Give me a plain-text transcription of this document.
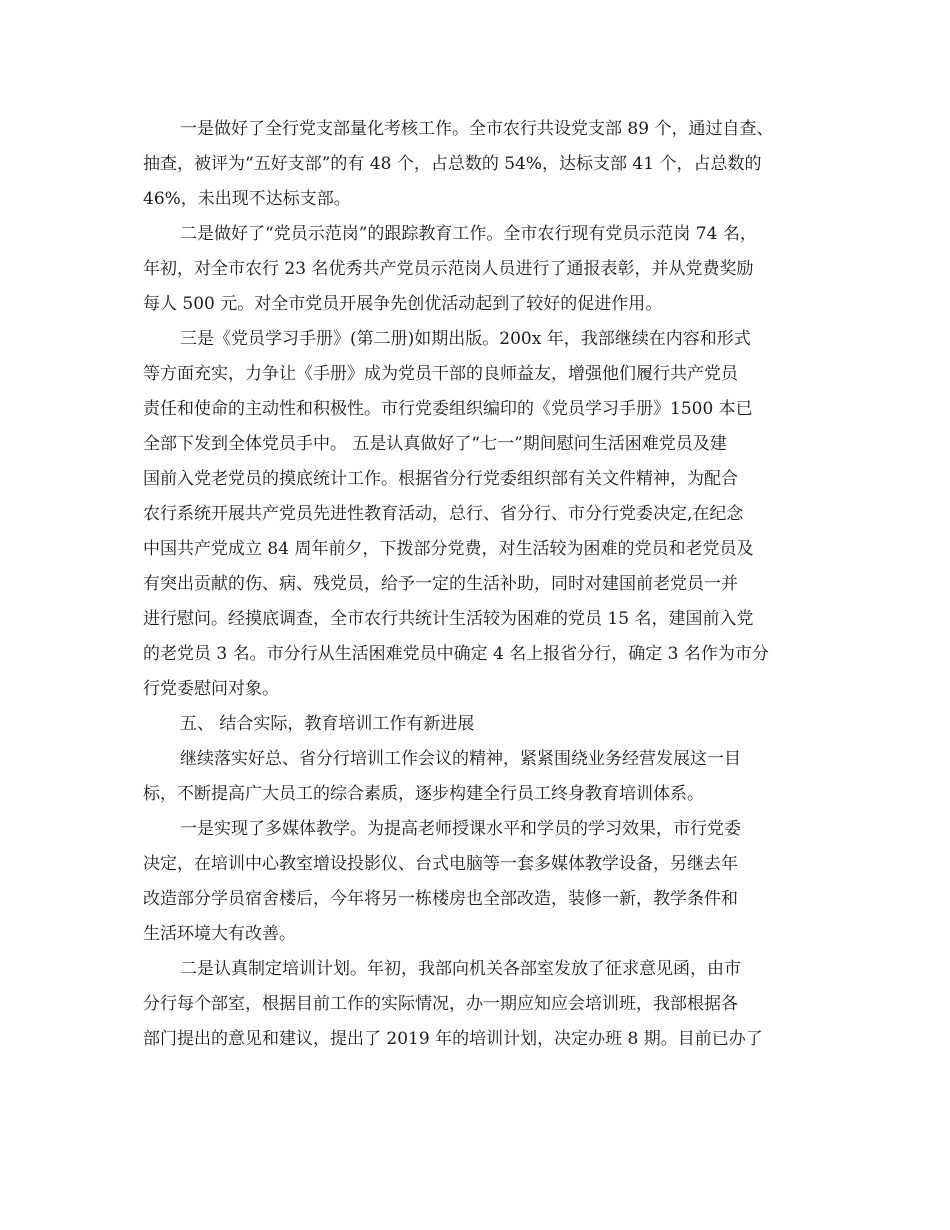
一是做好了全行党支部量化考核工作。全市农行共设党支部 89 个，通过自查、
抽查，被评为“五好支部”的有 48 个，占总数的 54%，达标支部 41 个，占总数的
46%，未出现不达标支部。
二是做好了“党员示范岗”的跟踪教育工作。全市农行现有党员示范岗 74 名，
年初，对全市农行 23 名优秀共产党员示范岗人员进行了通报表彰，并从党费奖励
每人 500 元。对全市党员开展争先创优活动起到了较好的促进作用。
三是《党员学习手册》(第二册)如期出版。200x 年，我部继续在内容和形式
等方面充实，力争让《手册》成为党员干部的良师益友，增强他们履行共产党员
责任和使命的主动性和积极性。市行党委组织编印的《党员学习手册》1500 本已
全部下发到全体党员手中。 五是认真做好了“七一”期间慰问生活困难党员及建
国前入党老党员的摸底统计工作。根据省分行党委组织部有关文件精神，为配合
农行系统开展共产党员先进性教育活动，总行、省分行、市分行党委决定,在纪念
中国共产党成立 84 周年前夕，下拨部分党费，对生活较为困难的党员和老党员及
有突出贡献的伤、病、残党员，给予一定的生活补助，同时对建国前老党员一并
进行慰问。经摸底调查，全市农行共统计生活较为困难的党员 15 名，建国前入党
的老党员 3 名。市分行从生活困难党员中确定 4 名上报省分行，确定 3 名作为市分
行党委慰问对象。
五、 结合实际，教育培训工作有新进展
继续落实好总、省分行培训工作会议的精神，紧紧围绕业务经营发展这一目
标，不断提高广大员工的综合素质，逐步构建全行员工终身教育培训体系。
一是实现了多媒体教学。为提高老师授课水平和学员的学习效果，市行党委
决定，在培训中心教室增设投影仪、台式电脑等一套多媒体教学设备，另继去年
改造部分学员宿舍楼后，今年将另一栋楼房也全部改造，装修一新，教学条件和
生活环境大有改善。
二是认真制定培训计划。年初，我部向机关各部室发放了征求意见函，由市
分行每个部室，根据目前工作的实际情况，办一期应知应会培训班，我部根据各
部门提出的意见和建议，提出了 2019 年的培训计划，决定办班 8 期。目前已办了
